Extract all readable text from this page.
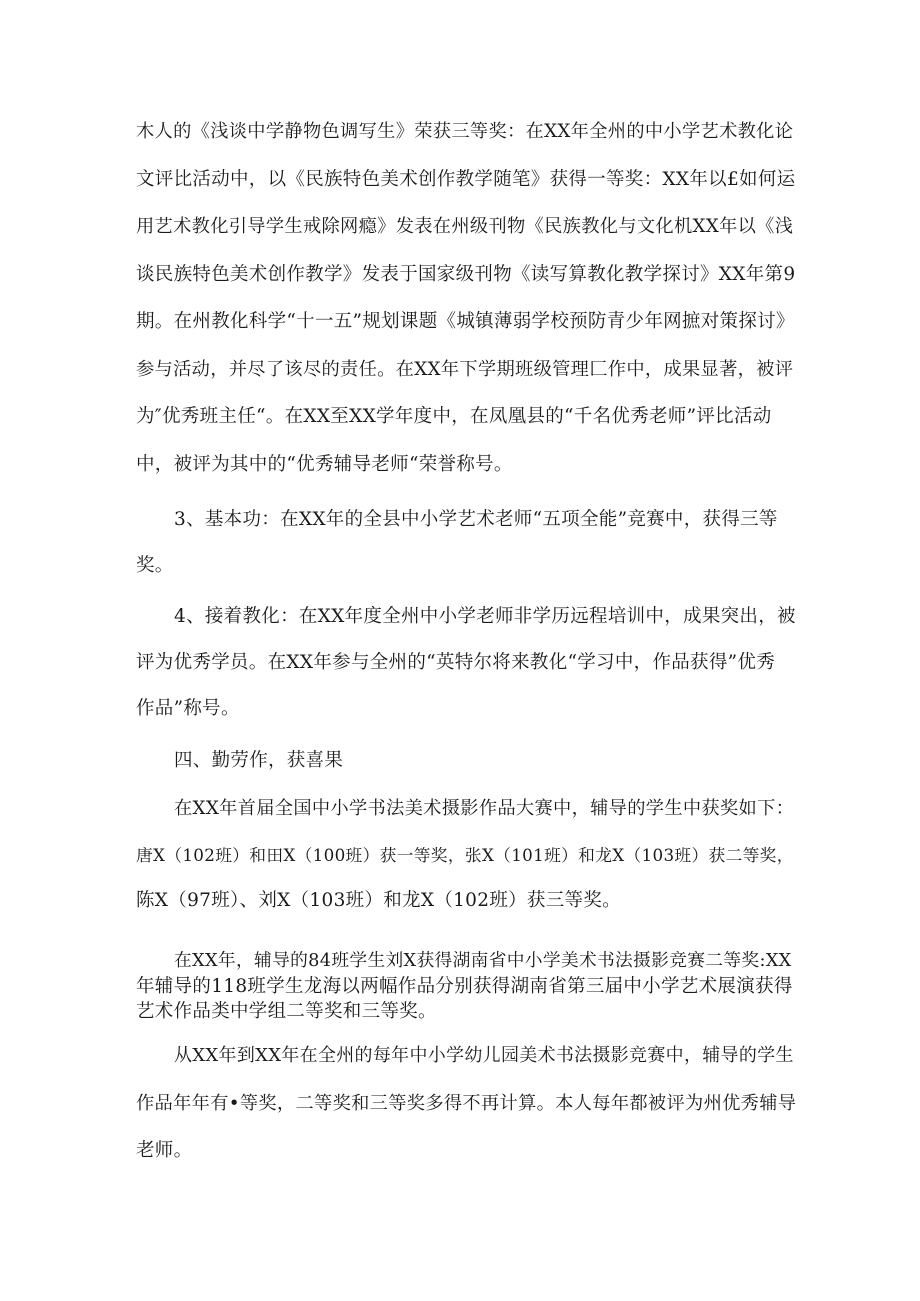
木人的《浅谈中学静物色调写生》荣获三等奖：在XX年全州的中小学艺术教化论
文评比活动中，以《民族特色美术创作教学随笔》获得一等奖：XX年以£如何运
用艺术教化引导学生戒除网瘾》发表在州级刊物《民族教化与文化机XX年以《浅
谈民族特色美术创作教学》发表于国家级刊物《读写算教化教学探讨》XX年第9
期。在州教化科学“十一五”规划课题《城镇薄弱学校预防青少年网摭对策探讨》
参与活动，并尽了该尽的责任。在XX年下学期班级管理匚作中，成果显著，被评
为″优秀班主任“。在XX至XX学年度中，在凤凰县的“千名优秀老师”评比活动
中，被评为其中的“优秀辅导老师“荣誉称号。
3、基本功：在XX年的全县中小学艺术老师“五项全能”竞赛中，获得三等
奖。
4、接着教化：在XX年度全州中小学老师非学历远程培训中，成果突出，被
评为优秀学员。在XX年参与全州的“英特尔将来教化“学习中，作品获得”优秀
作品”称号。
四、勤劳作，获喜果
在XX年首届全国中小学书法美术摄影作品大赛中，辅导的学生中获奖如下：
唐X（102班）和田X（100班）获一等奖，张X（101班）和龙X（103班）获二等奖，
陈X（97班）、刘X（103班）和龙X（102班）获三等奖。
在XX年，辅导的84班学生刘X获得湖南省中小学美术书法摄影竞赛二等奖:XX
年辅导的118班学生龙海以两幅作品分别获得湖南省第三届中小学艺术展演获得
艺术作品类中学组二等奖和三等奖。
从XX年到XX年在全州的每年中小学幼儿园美术书法摄影竞赛中，辅导的学生
作品年年有•等奖，二等奖和三等奖多得不再计算。本人每年都被评为州优秀辅导
老师。
